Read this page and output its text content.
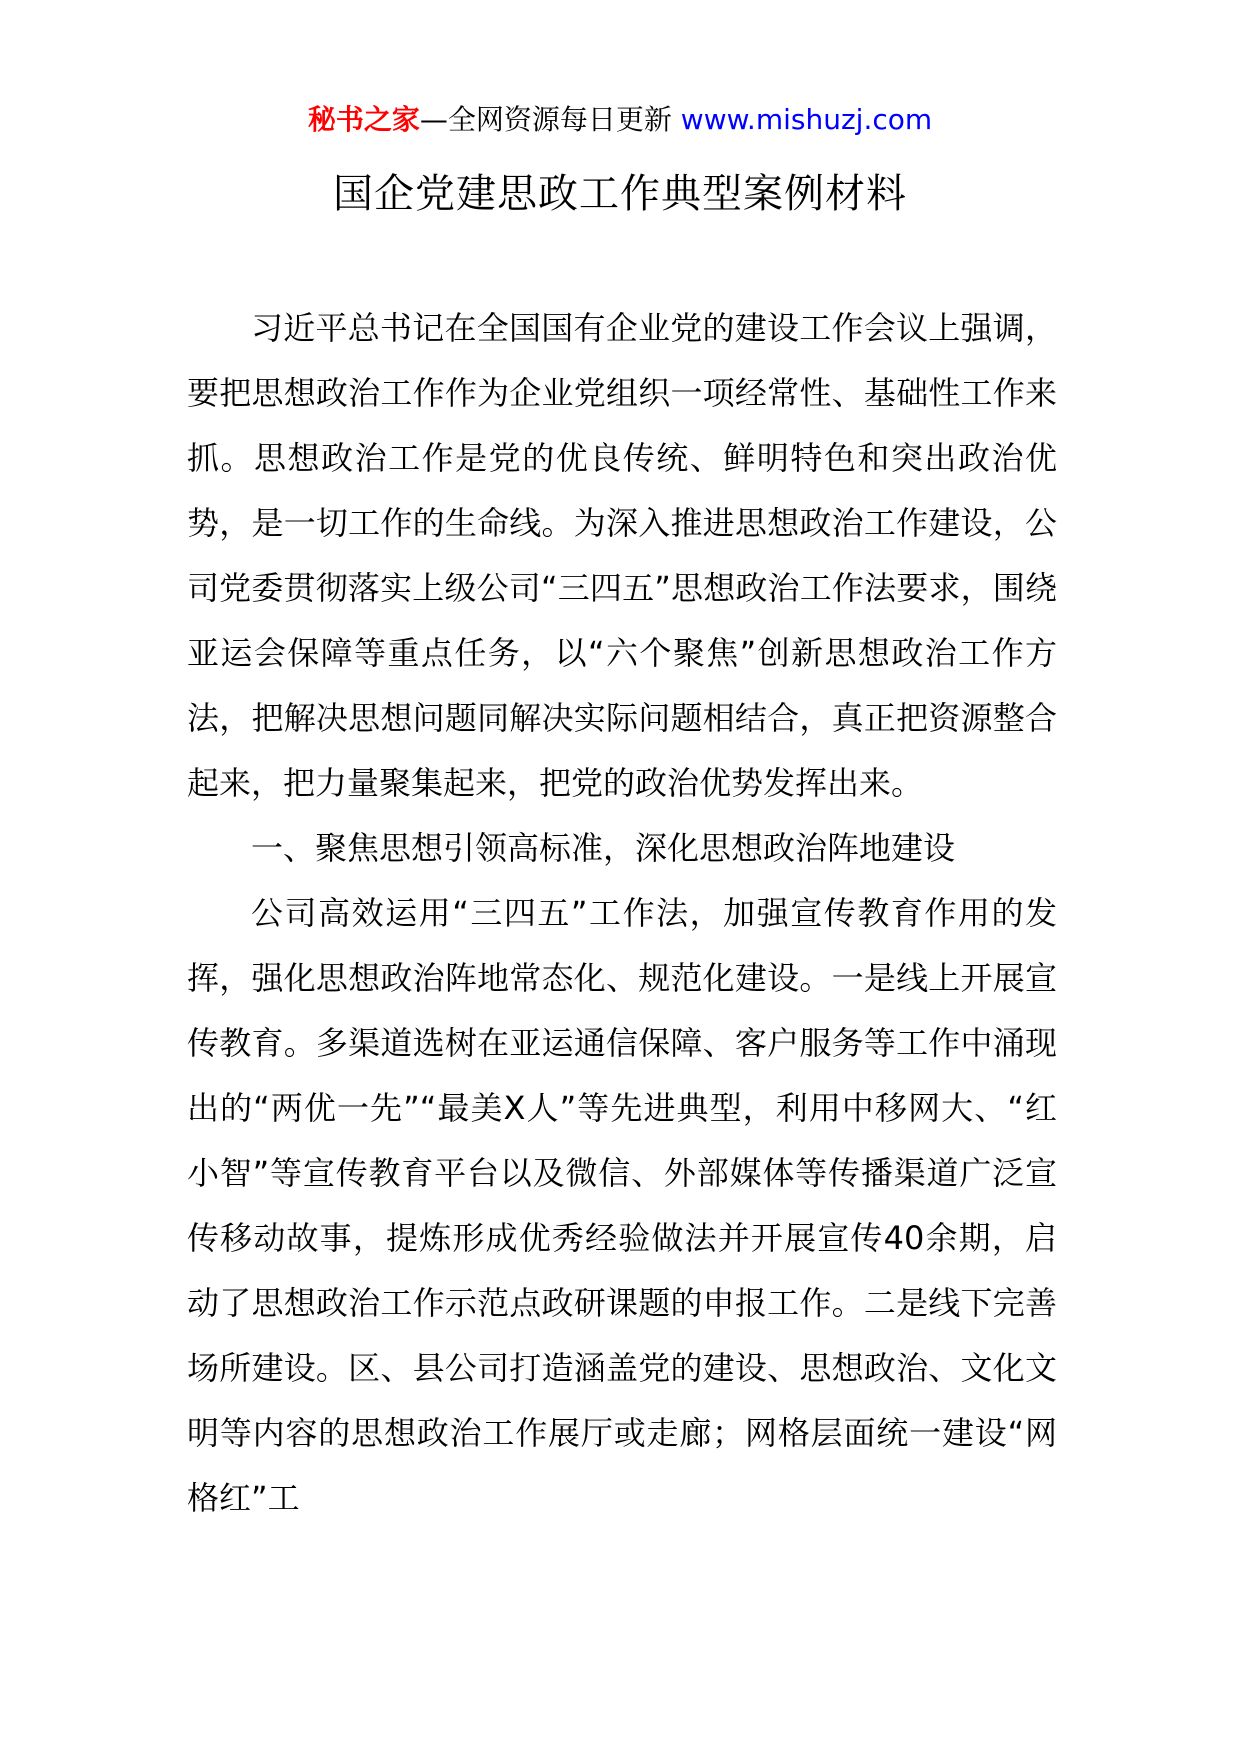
秘书之家—全网资源每日更新 www.mishuzj.com
国企党建思政工作典型案例材料

习近平总书记在全国国有企业党的建设工作会议上强调，要把思想政治工作作为企业党组织一项经常性、基础性工作来抓。思想政治工作是党的优良传统、鲜明特色和突出政治优势，是一切工作的生命线。为深入推进思想政治工作建设，公司党委贯彻落实上级公司“三四五”思想政治工作法要求，围绕亚运会保障等重点任务，以“六个聚焦”创新思想政治工作方法，把解决思想问题同解决实际问题相结合，真正把资源整合起来，把力量聚集起来，把党的政治优势发挥出来。

一、聚焦思想引领高标准，深化思想政治阵地建设

公司高效运用“三四五”工作法，加强宣传教育作用的发挥，强化思想政治阵地常态化、规范化建设。一是线上开展宣传教育。多渠道选树在亚运通信保障、客户服务等工作中涌现出的“两优一先”“最美X人”等先进典型，利用中移网大、“红小智”等宣传教育平台以及微信、外部媒体等传播渠道广泛宣传移动故事，提炼形成优秀经验做法并开展宣传40余期，启动了思想政治工作示范点政研课题的申报工作。二是线下完善场所建设。区、县公司打造涵盖党的建设、思想政治、文化文明等内容的思想政治工作展厅或走廊；网格层面统一建设“网格红”工
